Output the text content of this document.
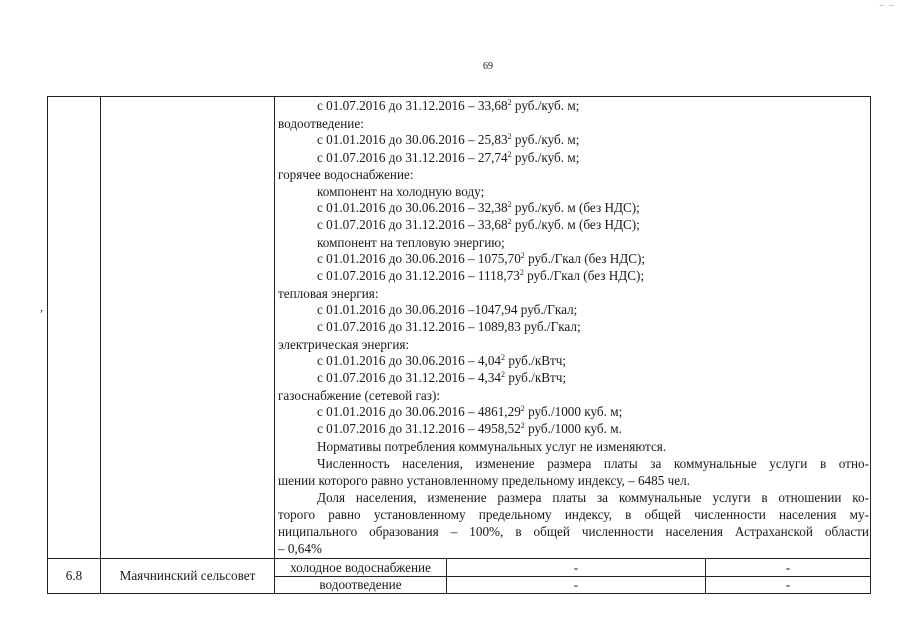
69
– –
,
с 01.07.2016 до 31.12.2016 – 33,68$^2$ руб./куб. м;
водоотведение:
с 01.01.2016 до 30.06.2016 – 25,83$^2$ руб./куб. м;
с 01.07.2016 до 31.12.2016 – 27,74$^2$ руб./куб. м;
горячее водоснабжение:
компонент на холодную воду;
с 01.01.2016 до 30.06.2016 – 32,38$^2$ руб./куб. м (без НДС);
с 01.07.2016 до 31.12.2016 – 33,68$^2$ руб./куб. м (без НДС);
компонент на тепловую энергию;
с 01.01.2016 до 30.06.2016 – 1075,70$^2$ руб./Гкал (без НДС);
с 01.07.2016 до 31.12.2016 – 1118,73$^2$ руб./Гкал (без НДС);
тепловая энергия:
с 01.01.2016 до 30.06.2016 –1047,94 руб./Гкал;
с 01.07.2016 до 31.12.2016 – 1089,83 руб./Гкал;
электрическая энергия:
с 01.01.2016 до 30.06.2016 – 4,04$^2$ руб./кВтч;
с 01.07.2016 до 31.12.2016 – 4,34$^2$ руб./кВтч;
газоснабжение (сетевой газ):
с 01.01.2016 до 30.06.2016 – 4861,29$^2$ руб./1000 куб. м;
с 01.07.2016 до 31.12.2016 – 4958,52$^2$ руб./1000 куб. м.
Нормативы потребления коммунальных услуг не изменяются.
Численность населения, изменение размера платы за коммунальные услуги в отно-
шении которого равно установленному предельному индексу, – 6485 чел.
Доля населения, изменение размера платы за коммунальные услуги в отношении ко-
торого равно установленному предельному индексу, в общей численности населения му-
ниципального образования – 100%, в общей численности населения Астраханской области
– 0,64%
6.8	Маячнинский сельсовет
холодное водоснабжение	-	-
водоотведение	-	-
